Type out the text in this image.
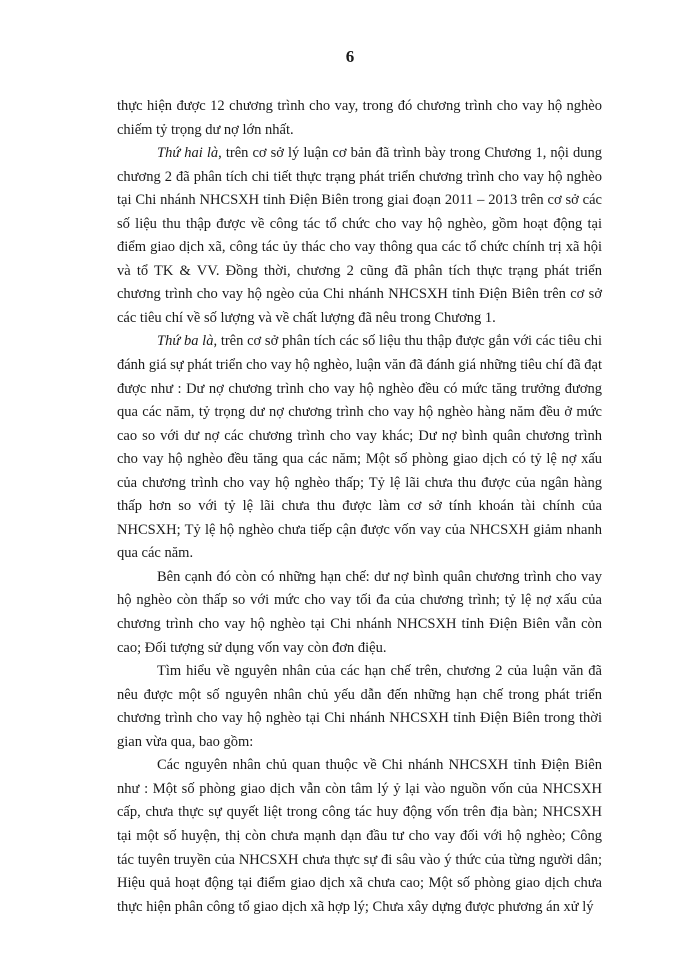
6

thực hiện được 12 chương trình cho vay, trong đó chương trình cho vay hộ nghèo chiếm tỷ trọng dư nợ lớn nhất.

Thứ hai là, trên cơ sở lý luận cơ bản đã trình bày trong Chương 1, nội dung chương 2 đã phân tích chi tiết thực trạng phát triển chương trình cho vay hộ nghèo tại Chi nhánh NHCSXH tỉnh Điện Biên trong giai đoạn 2011 – 2013 trên cơ sở các số liệu thu thập được về công tác tổ chức cho vay hộ nghèo, gồm hoạt động tại điểm giao dịch xã, công tác ủy thác cho vay thông qua các tổ chức chính trị xã hội và tổ TK & VV. Đồng thời, chương 2 cũng đã phân tích thực trạng phát triển chương trình cho vay hộ ngèo của Chi nhánh NHCSXH tỉnh Điện Biên trên cơ sở các tiêu chí về số lượng và về chất lượng đã nêu trong Chương 1.

Thứ ba là, trên cơ sở phân tích các số liệu thu thập được gắn với các tiêu chi đánh giá sự phát triển cho vay hộ nghèo, luận văn đã đánh giá những tiêu chí đã đạt được như : Dư nợ chương trình cho vay hộ nghèo đều có mức tăng trưởng đương qua các năm, tỷ trọng dư nợ chương trình cho vay hộ nghèo hàng năm đều ở mức cao so với dư nợ các chương trình cho vay khác; Dư nợ bình quân chương trình cho vay hộ nghèo đều tăng qua các năm; Một số phòng giao dịch có tỷ lệ nợ xấu của chương trình cho vay hộ nghèo thấp; Tỷ lệ lãi chưa thu được của ngân hàng thấp hơn so với tỷ lệ lãi chưa thu được làm cơ sở tính khoán tài chính của NHCSXH; Tỷ lệ hộ nghèo chưa tiếp cận được vốn vay của NHCSXH giảm nhanh qua các năm.

Bên cạnh đó còn có những hạn chế: dư nợ bình quân chương trình cho vay hộ nghèo còn thấp so với mức cho vay tối đa của chương trình; tỷ lệ nợ xấu của chương trình cho vay hộ nghèo tại Chi nhánh NHCSXH tỉnh Điện Biên vẫn còn cao; Đối tượng sử dụng vốn vay còn đơn điệu.

Tìm hiểu về nguyên nhân của các hạn chế trên, chương 2 của luận văn đã nêu được một số nguyên nhân chủ yếu dẫn đến những hạn chế trong phát triển chương trình cho vay hộ nghèo tại Chi nhánh NHCSXH tỉnh Điện Biên trong thời gian vừa qua, bao gồm:

Các nguyên nhân chủ quan thuộc về Chi nhánh NHCSXH tỉnh Điện Biên như : Một số phòng giao dịch vẫn còn tâm lý ỷ lại vào nguồn vốn của NHCSXH cấp, chưa thực sự quyết liệt trong công tác huy động vốn trên địa bàn; NHCSXH tại một số huyện, thị còn chưa mạnh dạn đầu tư cho vay đối với hộ nghèo; Công tác tuyên truyền của NHCSXH chưa thực sự đi sâu vào ý thức của từng người dân; Hiệu quả hoạt động tại điểm giao dịch xã chưa cao; Một số phòng giao dịch chưa thực hiện phân công tổ giao dịch xã hợp lý; Chưa xây dựng được phương án xử lý
